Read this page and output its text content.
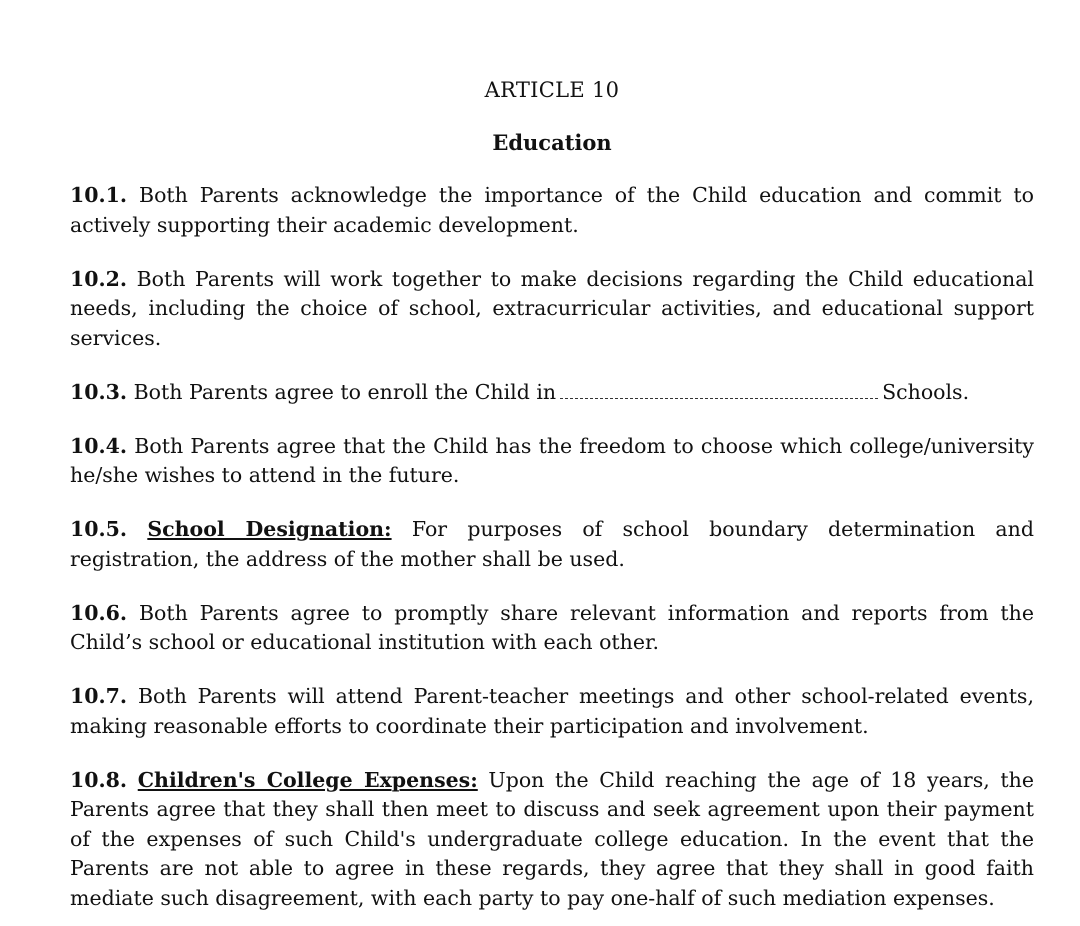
ARTICLE 10
Education

10.1. Both Parents acknowledge the importance of the Child education and commit to actively supporting their academic development.

10.2. Both Parents will work together to make decisions regarding the Child educational needs, including the choice of school, extracurricular activities, and educational support services.

10.3. Both Parents agree to enroll the Child in	Schools.

10.4. Both Parents agree that the Child has the freedom to choose which college/university he/she wishes to attend in the future.

10.5. School Designation: For purposes of school boundary determination and registration, the address of the mother shall be used.

10.6. Both Parents agree to promptly share relevant information and reports from the Child’s school or educational institution with each other.

10.7. Both Parents will attend Parent-teacher meetings and other school-related events, making reasonable efforts to coordinate their participation and involvement.

10.8. Children's College Expenses: Upon the Child reaching the age of 18 years, the Parents agree that they shall then meet to discuss and seek agreement upon their payment of the expenses of such Child's undergraduate college education. In the event that the Parents are not able to agree in these regards, they agree that they shall in good faith mediate such disagreement, with each party to pay one-half of such mediation expenses.
